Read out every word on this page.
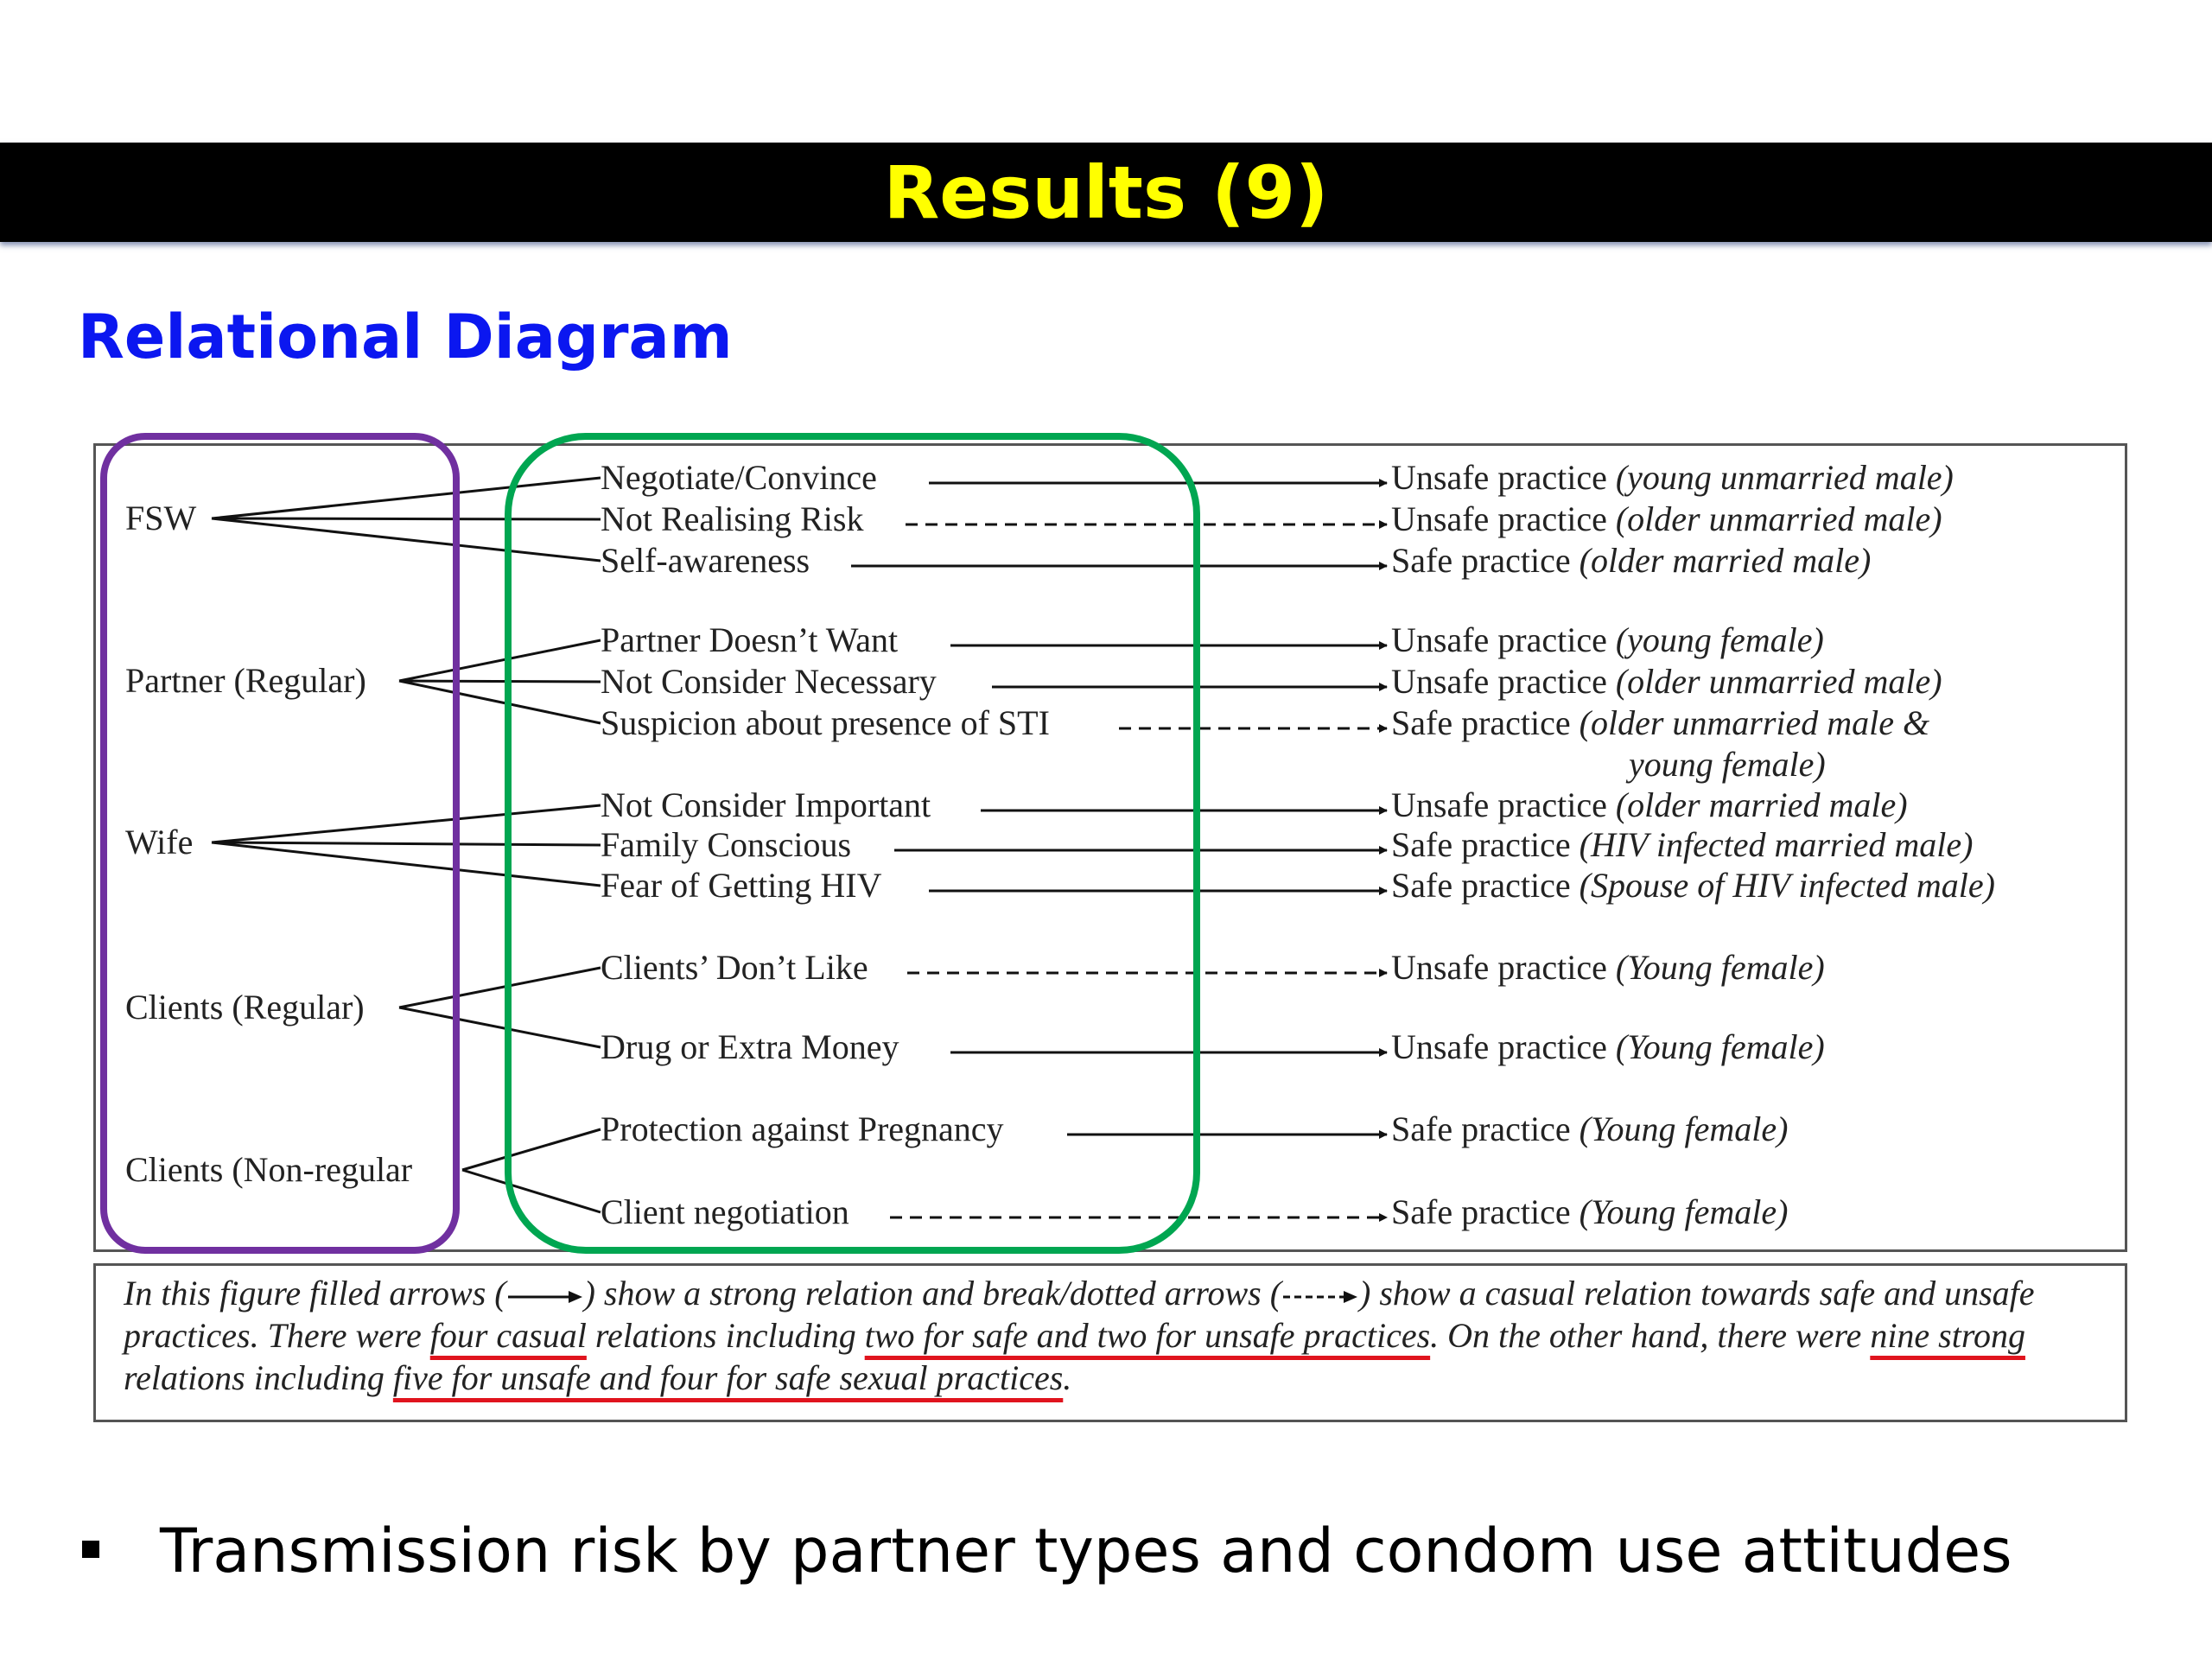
Results (9)
Relational Diagram
FSW
Partner (Regular)
Wife
Clients (Regular)
Clients (Non-regular
Negotiate/Convince
Not Realising Risk
Self-awareness
Partner Doesn’t Want
Not Consider Necessary
Suspicion about presence of STI
Not Consider Important
Family Conscious
Fear of Getting HIV
Clients’ Don’t Like
Drug or Extra Money
Protection against Pregnancy
Client negotiation
Unsafe practice (young unmarried male)
Unsafe practice (older unmarried male)
Safe practice (older married male)
Unsafe practice (young female)
Unsafe practice (older unmarried male)
Safe practice (older unmarried male &
young female)
Unsafe practice (older married male)
Safe practice (HIV infected married male)
Safe practice (Spouse of HIV infected male)
Unsafe practice (Young female)
Unsafe practice (Young female)
Safe practice (Young female)
Safe practice (Young female)
In this figure filled arrows ( ) show a strong relation and break/dotted arrows ( ) show a casual relation towards safe and unsafe practices. There were four casual relations including two for safe and two for unsafe practices. On the other hand, there were nine strong relations including five for unsafe and four for safe sexual practices.
Transmission risk by partner types and condom use attitudes
